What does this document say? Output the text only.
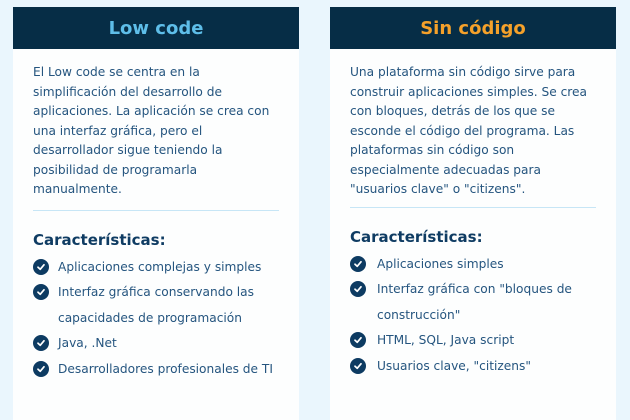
Low code

El Low code se centra en la simplificación del desarrollo de aplicaciones. La aplicación se crea con una interfaz gráfica, pero el desarrollador sigue teniendo la posibilidad de programarla manualmente.

Características:
Aplicaciones complejas y simples
Interfaz gráfica conservando las capacidades de programación
Java, .Net
Desarrolladores profesionales de TI
Sin código

Una plataforma sin código sirve para construir aplicaciones simples. Se crea con bloques, detrás de los que se esconde el código del programa. Las plataformas sin código son especialmente adecuadas para "usuarios clave" o "citizens".

Características:
Aplicaciones simples
Interfaz gráfica con "bloques de construcción"
HTML, SQL, Java script
Usuarios clave, "citizens"
